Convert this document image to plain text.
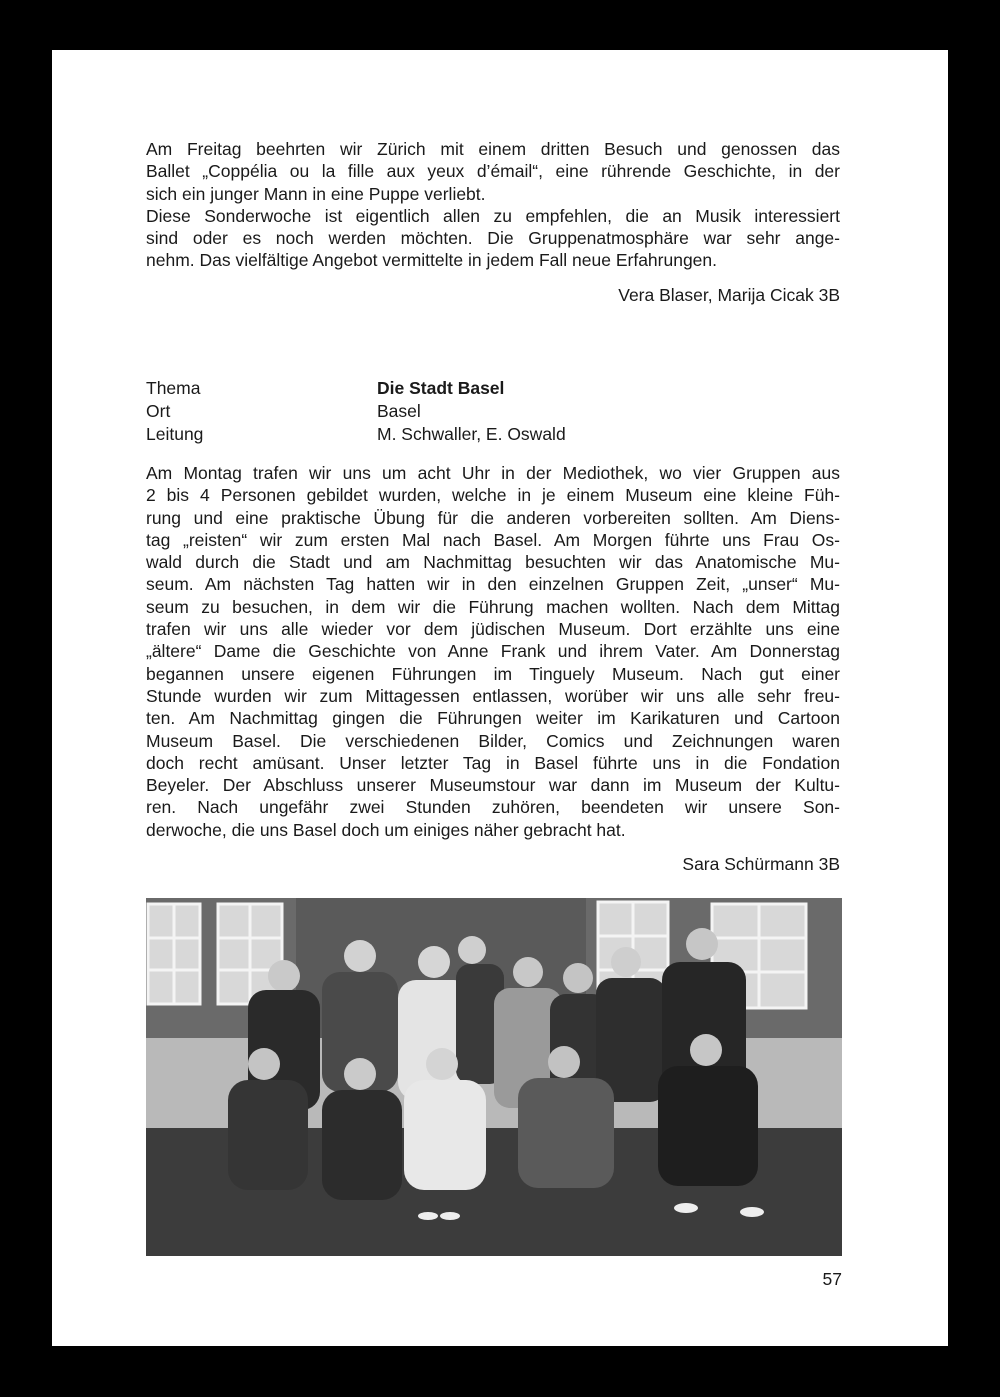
Am Freitag beehrten wir Zürich mit einem dritten Besuch und genossen das
Ballet „Coppélia ou la fille aux yeux d’émail“, eine rührende Geschichte, in der
sich ein junger Mann in eine Puppe verliebt.
Diese Sonderwoche ist eigentlich allen zu empfehlen, die an Musik interessiert
sind oder es noch werden möchten. Die Gruppenatmosphäre war sehr ange-
nehm. Das vielfältige Angebot vermittelte in jedem Fall neue Erfahrungen.

Vera Blaser, Marija Cicak 3B

Thema	Die Stadt Basel
Ort	Basel
Leitung	M. Schwaller, E. Oswald

Am Montag trafen wir uns um acht Uhr in der Mediothek, wo vier Gruppen aus
2 bis 4 Personen gebildet wurden, welche in je einem Museum eine kleine Füh-
rung und eine praktische Übung für die anderen vorbereiten sollten. Am Diens-
tag „reisten“ wir zum ersten Mal nach Basel. Am Morgen führte uns Frau Os-
wald durch die Stadt und am Nachmittag besuchten wir das Anatomische Mu-
seum. Am nächsten Tag hatten wir in den einzelnen Gruppen Zeit, „unser“ Mu-
seum zu besuchen, in dem wir die Führung machen wollten. Nach dem Mittag
trafen wir uns alle wieder vor dem jüdischen Museum. Dort erzählte uns eine
„ältere“ Dame die Geschichte von Anne Frank und ihrem Vater. Am Donnerstag
begannen unsere eigenen Führungen im Tinguely Museum. Nach gut einer
Stunde wurden wir zum Mittagessen entlassen, worüber wir uns alle sehr freu-
ten. Am Nachmittag gingen die Führungen weiter im Karikaturen und Cartoon
Museum Basel. Die verschiedenen Bilder, Comics und Zeichnungen waren
doch recht amüsant. Unser letzter Tag in Basel führte uns in die Fondation
Beyeler. Der Abschluss unserer Museumstour war dann im Museum der Kultu-
ren. Nach ungefähr zwei Stunden zuhören, beendeten wir unsere Son-
derwoche, die uns Basel doch um einiges näher gebracht hat.

Sara Schürmann 3B

57
